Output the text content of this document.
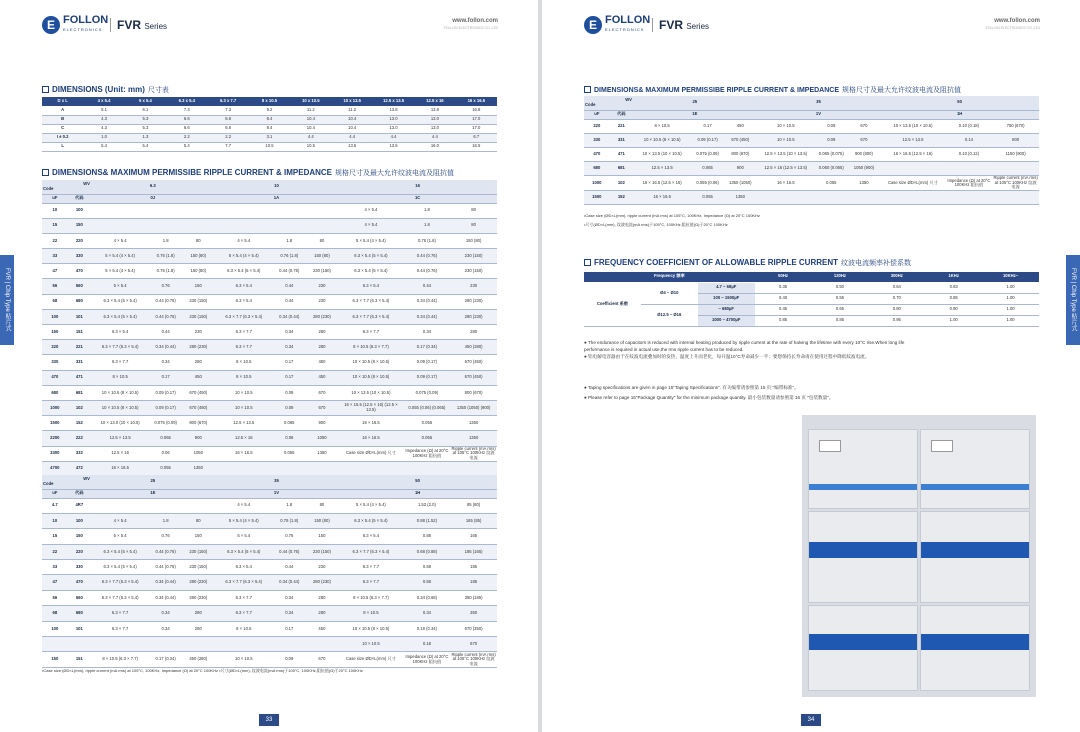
E FOLLON
ELECTRONICS	FVR Series
www.follon.com
FOLLON ELECTRONICS CO.,LTD
DIMENSIONS (Unit: mm) 尺寸表
D x L	4 x 5.4	5 x 5.4	6.3 x 5.4	6.3 x 7.7	8 x 10.5	10 x 10.5	10 x 13.5	12.5 x 13.5	12.5 x 16	16 x 16.5
A	5.1	6.1	7.3	7.3	9.2	11.2	11.2	13.8	13.8	16.8
B	4.3	5.3	6.6	6.6	8.4	10.4	10.4	13.0	13.0	17.0
C	4.3	5.3	6.6	6.6	8.4	10.4	10.4	13.0	13.0	17.0
I ± 0.2	1.0	1.3	2.2	2.2	3.1	4.4	4.4	4.4	4.4	6.7
L	5.4	5.4	5.4	7.7	10.5	10.5	13.5	13.5	16.0	16.5
DIMENSIONS& MAXIMUM PERMISSIBE RIPPLE CURRENT & IMPEDANCE 规格尺寸及最大允许纹波电流及阻抗值
WV
Code		6.3			10			16		
uF	代码	0J			1A			1C		
10	100							4 × 5.4	1.8	80
15	150							4 × 5.4	1.8	80
22	220	4 × 5.4	1.8	80	4 × 5.4	1.8	80	5 × 5.4 (4 × 5.4)	0.76 (1.8)	150 (80)
33	330	5 × 5.4 (4 × 5.4)	0.76 (1.8)	150 (80)	5 × 5.4 (4 × 5.4)	0.76 (1.8)	150 (80)	6.3 × 5.4 (5 × 5.4)	0.44 (0.76)	230 (150)
47	470	5 × 5.4 (4 × 5.4)	0.76 (1.8)	150 (80)	6.3 × 5.4 (5 × 5.4)	0.44 (0.76)	230 (150)	6.3 × 5.4 (5 × 5.4)	0.44 (0.76)	230 (150)
56	560	5 × 5.4	0.76	150	6.3 × 5.4	0.44	230	6.3 × 5.4	0.44	230
68	680	6.3 × 5.4 (5 × 5.4)	0.44 (0.76)	230 (150)	6.3 × 5.4	0.44	230	6.3 × 7.7 (6.3 × 5.4)	0.34 (0.44)	280 (230)
100	101	6.3 × 5.4 (5 × 5.4)	0.44 (0.76)	230 (150)	6.3 × 7.7 (6.3 × 5.4)	0.34 (0.44)	280 (230)	6.3 × 7.7 (6.3 × 5.4)	0.34 (0.44)	280 (230)
150	151	6.3 × 5.4	0.44	230	6.3 × 7.7	0.34	280	6.3 × 7.7	0.34	280
220	221	6.3 × 7.7 (6.3 × 5.4)	0.34 (0.44)	280 (230)	6.3 × 7.7	0.34	280	8 × 10.5 (6.3 × 7.7)	0.17 (0.34)	450 (280)
330	331	6.3 × 7.7	0.34	280	8 × 10.5	0.17	450	10 × 10.5 (8 × 10.5)	0.09 (0.17)	670 (450)
470	471	8 × 10.5	0.17	450	8 × 10.5	0.17	450	10 × 10.5 (8 × 10.5)	0.09 (0.17)	670 (450)
680	681	10 × 10.5 (8 × 10.5)	0.09 (0.17)	670 (450)	10 × 10.5	0.09	670	10 × 13.5 (10 × 10.5)	0.075 (0.09)	800 (670)
1000	102	10 × 10.5 (8 × 10.5)	0.09 (0.17)	670 (450)	10 × 10.5	0.09	670	16 × 16.5 (12.5 × 16) (12.5 × 13.5)	0.055 (0.06) (0.065)	1350 (1050) (900)
1500	152	10 × 13.0 (10 × 10.5)	0.075 (0.09)	800 (670)	12.5 × 13.5	0.065	900	16 × 16.5	0.055	1350
2200	222	12.5 × 13.5	0.065	900	12.5 × 16	0.06	1050	16 × 16.5	0.055	1350
3300	332	12.5 × 16	0.06	1050	16 × 16.5	0.055	1350	Case size ØD×L(mm) 尺寸	Impedance (Ω) at 20°C 100KHz 阻抗值	Ripple current (mA rms) at 105°C 100KHz 纹波电流
4700	472	16 × 16.5	0.055	1350						
WV
Code		25			35			50		
uF	代码	1E			1V			1H		
4.7	4R7				4 × 5.4	1.8	80	5 × 5.4 (4 × 5.4)	1.52 (2.0)	85 (80)
10	100	4 × 5.4	1.8	80	5 × 5.4 (4 × 5.4)	0.76 (1.8)	150 (80)	6.3 × 5.4 (5 × 5.4)	0.88 (1.52)	165 (85)
15	150	5 × 5.4	0.76	150	5 × 5.4	0.76	150	6.3 × 5.4	0.88	165
22	220	6.3 × 5.4 (5 × 5.4)	0.44 (0.76)	230 (150)	6.3 × 5.4 (5 × 5.4)	0.44 (0.76)	230 (150)	6.3 × 7.7 (6.3 × 5.4)	0.68 (0.88)	185 (165)
33	330	6.3 × 5.4 (5 × 5.4)	0.44 (0.76)	230 (150)	6.3 × 5.4	0.44	230	6.3 × 7.7	0.68	185
47	470	6.3 × 7.7 (6.3 × 5.4)	0.34 (0.44)	280 (230)	6.3 × 7.7 (6.3 × 5.4)	0.34 (0.44)	280 (230)	6.3 × 7.7	0.68	185
56	560	6.3 × 7.7 (6.3 × 5.4)	0.34 (0.44)	280 (230)	6.3 × 7.7	0.34	280	8 × 10.5 (6.3 × 7.7)	0.34 (0.68)	350 (185)
68	680	6.3 × 7.7	0.34	280	6.3 × 7.7	0.34	280	8 × 10.5	0.34	350
100	101	6.3 × 7.7	0.34	280	8 × 10.5	0.17	450	10 × 10.5 (8 × 10.5)	0.18 (0.34)	670 (350)
								10 × 10.5	0.18	670
150	151	8 × 10.5 (6.3 × 7.7)	0.17 (0.34)	450 (280)	10 × 10.5	0.09	670	Case size ØD×L(mm) 尺寸	Impedance (Ω) at 20°C 100KHz 阻抗值	Ripple current (mA rms) at 105°C 100KHz 纹波电流
•Case size (ØD×L(mm), ripple current (mA rms) at 105°C, 100KHz, Impedance (Ω) at 20°C 100KHz •尺寸(ØD×L(mm), 纹波电流(mA rms)于105°C, 100KHz,阻抗值(Ω)于20°C 100KHz
33
FVR | Chip Type 贴片式
E FOLLON
ELECTRONICS	FVR Series
www.follon.com
FOLLON ELECTRONICS CO.,LTD
DIMENSIONS& MAXIMUM PERMISSIBE RIPPLE CURRENT & IMPEDANCE 规格尺寸及最大允许纹波电流及阻抗值
WV
Code		25			35			50		
uF	代码	1E			1V			1H		
220	221	8 × 10.5	0.17	450	10 × 10.5	0.09	670	10 × 13.5 (10 × 10.5)	0.10 (0.18)	750 (670)
330	331	10 × 10.5 (8 × 10.5)	0.09 (0.17)	670 (450)	10 × 10.5	0.09	670	12.5 × 13.5	0.14	800
470	471	10 × 13.5 (10 × 10.5)	0.075 (0.09)	800 (670)	12.5 × 13.5 (10 × 13.5)	0.065 (0.075)	900 (800)	16 × 16.5 (12.5 × 16)	0.10 (0.12)	1150 (900)
680	681	12.5 × 13.5	0.065	900	12.5 × 16 (12.5 × 13.5)	0.060 (0.065)	1050 (900)			
1000	102	16 × 16.5 (12.5 × 16)	0.055 (0.06)	1350 (1050)	16 × 16.5	0.055	1350	Case size ØD×L(mm) 尺寸	Impedance (Ω) at 20°C 100KHz 阻抗值	Ripple current (mA rms) at 105°C 100KHz 纹波电流
1500	152	16 × 16.5	0.055	1350						
•Case size (ØD×L(mm), ripple current (mA rms) at 105°C, 100KHz, Impedance (Ω) at 20°C 100KHz
•尺寸(ØD×L(mm), 纹波电流(mA rms)于105°C, 100KHz,阻抗值(Ω)于20°C 100KHz
FREQUENCY COEFFICIENT OF ALLOWABLE RIPPLE CURRENT 纹波电流频率补偿系数
Frequency 频率			50Hz	120Hz	300Hz	1KHz	10KHz~
Coefficient 系数	Ø4 ~ Ø10	4.7 ~ 68µF	0.35	0.50	0.64	0.83	1.00
		100 ~ 1500µF	0.40	0.55	0.70	0.85	1.00
	Ø12.5 ~ Ø16	~ 680µF	0.45	0.65	0.80	0.90	1.00
		1000 ~ 4700µF	0.85	0.85	0.95	1.00	1.00
● The endurance of capacitors is reduced with internal heating produced by ripple current at the rate of halving the lifetime with every 10°C rise.When long life
performance is required in actual use,the rms ripple current has to be reduced.
● 铝电解电容器由于在纹波电流叠加时的发热，温度上升而老化，每升温10°C寿命减少一半；要想保持长寿命请在使用过程中降低纹波电流。
● Taping specifications are given in page 15"Taping Specifications". 有关编带请参照第 15 页 "编带标准"。
● Please refer to page 16"Package Quantity" for the minimum package quantity. 最小包装数量请参照第 16 页 "包装数量"。
34
FVR | Chip Type 贴片式
